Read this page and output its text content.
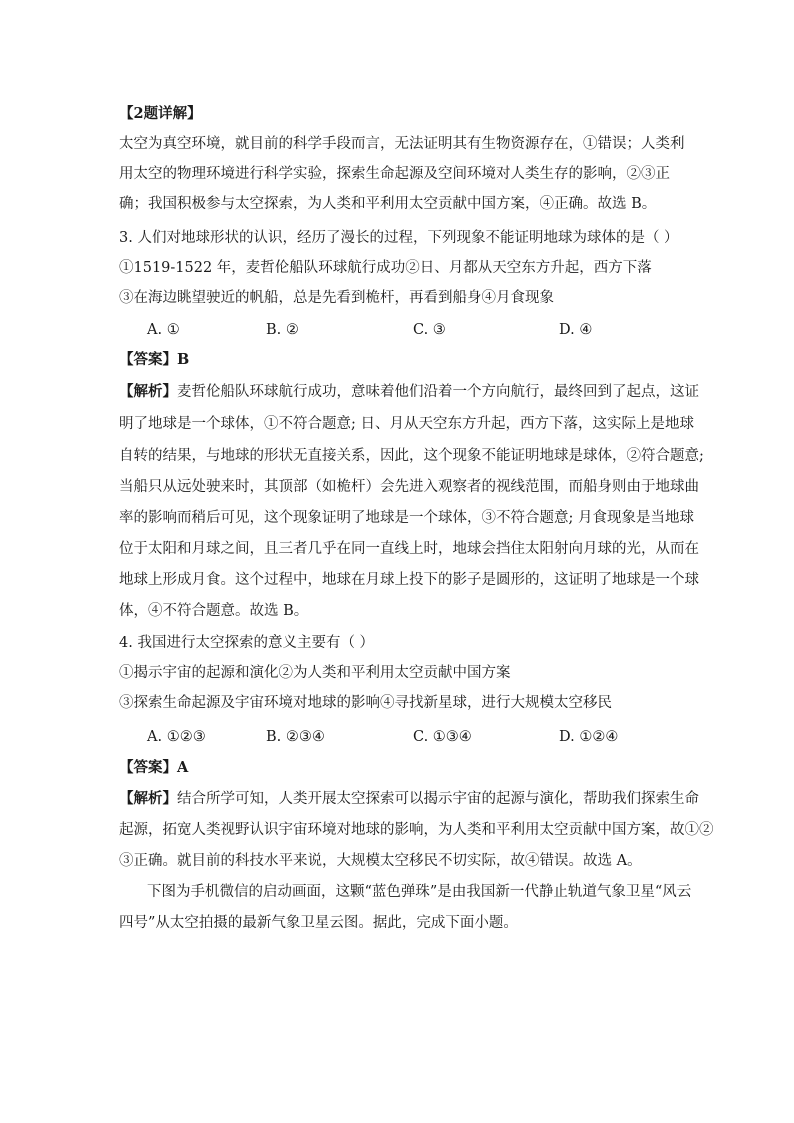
【2题详解】
太空为真空环境，就目前的科学手段而言，无法证明其有生物资源存在，①错误；人类利
用太空的物理环境进行科学实验，探索生命起源及空间环境对人类生存的影响，②③正
确；我国积极参与太空探索，为人类和平利用太空贡献中国方案，④正确。故选 B。
3. 人们对地球形状的认识，经历了漫长的过程，下列现象不能证明地球为球体的是（ ）
①1519-1522 年，麦哲伦船队环球航行成功②日、月都从天空东方升起，西方下落
③在海边眺望驶近的帆船，总是先看到桅杆，再看到船身④月食现象
A. ①	B. ②	C. ③	D. ④
【答案】B
【解析】麦哲伦船队环球航行成功，意味着他们沿着一个方向航行，最终回到了起点，这证
明了地球是一个球体，①不符合题意; 日、月从天空东方升起，西方下落，这实际上是地球
自转的结果，与地球的形状无直接关系，因此，这个现象不能证明地球是球体，②符合题意;
当船只从远处驶来时，其顶部（如桅杆）会先进入观察者的视线范围，而船身则由于地球曲
率的影响而稍后可见，这个现象证明了地球是一个球体，③不符合题意; 月食现象是当地球
位于太阳和月球之间，且三者几乎在同一直线上时，地球会挡住太阳射向月球的光，从而在
地球上形成月食。这个过程中，地球在月球上投下的影子是圆形的，这证明了地球是一个球
体，④不符合题意。故选 B。
4. 我国进行太空探索的意义主要有（ ）
①揭示宇宙的起源和演化②为人类和平利用太空贡献中国方案
③探索生命起源及宇宙环境对地球的影响④寻找新星球，进行大规模太空移民
A. ①②③	B. ②③④	C. ①③④	D. ①②④
【答案】A
【解析】结合所学可知，人类开展太空探索可以揭示宇宙的起源与演化，帮助我们探索生命
起源，拓宽人类视野认识宇宙环境对地球的影响，为人类和平利用太空贡献中国方案，故①②
③正确。就目前的科技水平来说，大规模太空移民不切实际，故④错误。故选 A。
下图为手机微信的启动画面，这颗“蓝色弹珠”是由我国新一代静止轨道气象卫星“风云
四号”从太空拍摄的最新气象卫星云图。据此，完成下面小题。
